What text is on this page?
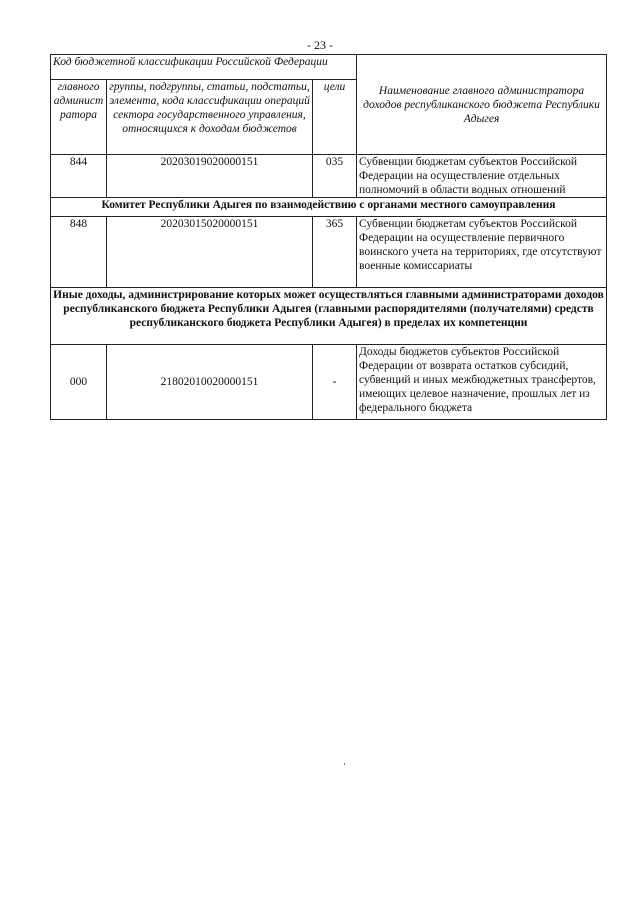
- 23 -
Код бюджетной классификации Российской Федерации			Наименование главного администратора доходов республиканского бюджета Республики Адыгея
главного админист ратора	группы, подгруппы, статьи, подстатьи, элемента, кода классификации операций сектора государственного управления, относящихся к доходам бюджетов	цели	
844	20203019020000151	035	Субвенции бюджетам субъектов Российской Федерации на осуществление отдельных полномочий в области водных отношений
Комитет Республики Адыгея по взаимодействию с органами местного самоуправления			
848	20203015020000151	365	Субвенции бюджетам субъектов Российской Федерации на осуществление первичного воинского учета на территориях, где отсутствуют военные комиссариаты
Иные доходы, администрирование которых может осуществляться главными администраторами доходов республиканского бюджета Республики Адыгея (главными распорядителями (получателями) средств республиканского бюджета Республики Адыгея) в пределах их компетенции			
000	21802010020000151	-	Доходы бюджетов субъектов Российской Федерации от возврата остатков субсидий, субвенций и иных межбюджетных трансфертов, имеющих целевое назначение, прошлых лет из федерального бюджета
